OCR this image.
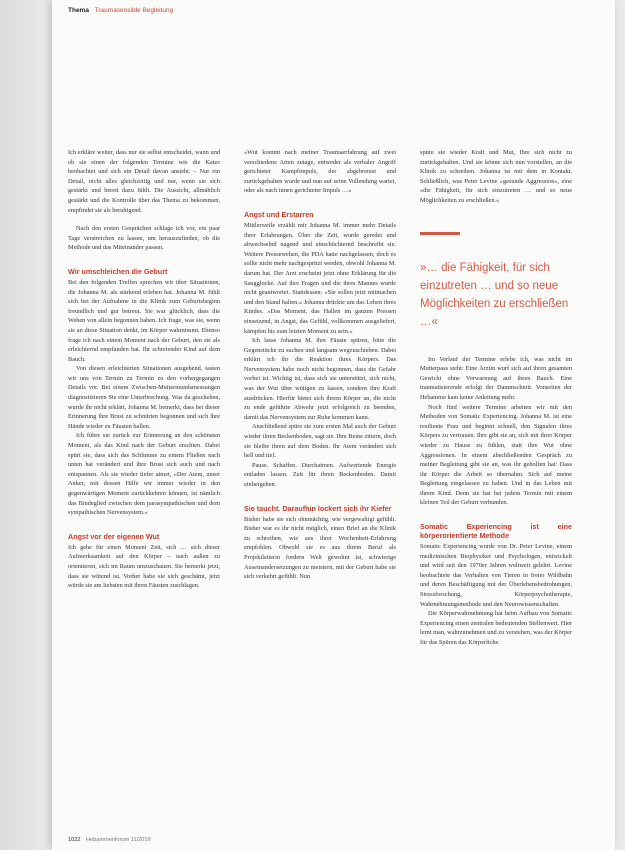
Thema Traumasensible Begleitung

Ich erkläre weiter, dass nur sie selbst entscheidet, wann und ob sie einen der folgenden Termine wie die Katze beobachtet und sich ein Detail davon ansieht. – Nur ein Detail, nicht alles gleichzeitig und nur, wenn sie sich gestärkt und bereit dazu fühlt. Die Aussicht, allmählich gestärkt und die Kontrolle über das Thema zu bekommen, empfindet sie als beruhigend.

Nach den ersten Gesprächen schlage ich vor, ein paar Tage verstreichen zu lassen, um herauszufinden, ob die Methode und das Miteinander passen.

Wir umschleichen die Geburt

Bei den folgenden Treffen sprechen wir über Situationen, die Johanna M. als stärkend erleben hat. Johanna M. fühlt sich bei der Aufnahme in die Klinik zum Geburtsbeginn freundlich und gut betreut. Sie war glücklich, dass die Wehen von allein begonnen haben. Ich frage, was sie, wenn sie an diese Situation denkt, im Körper wahrnimmt. Ebenso frage ich nach einem Moment nach der Geburt, den sie als erleichternd empfunden hat. Ihr schreiender Kind auf dem Bauch.

Von diesen erleichterten Situationen ausgehend, tasten wir uns von Termin zu Termin zu den vorhergegangen Details vor. Bei einem Zwischen-Muttermundsmessungen diagnostizieren Sie eine Unterbrechung. Was da geschehen, wurde ihr nicht erklärt, Johanna M. bemerkt, dass bei dieser Erinnerung ihre Brust zu schnürten begonnen und sich ihre Hände wieder zu Fäusten ballen.

Ich führe sie zurück zur Erinnerung an den schönsten Moment, als das Kind nach der Geburt erschien. Dabei spürt sie, dass sich das Schlimme zu einem Fließen nach unten hat verändert und ihre Brust sich auch und nach entspannen. Als sie wieder tiefer atmet, »Der Atem, unser Anker, mit dessen Hilfe wir immer wieder in den gegenwärtigen Moment zurückkehren können, ist nämlich das Bindeglied zwischen dem parasympathischen und dem sympathischen Nervensystem.«

Angst vor der eigenen Wut

Ich gehe für einen Moment Zeit, sich … sich dieser Aufmerksamkeit auf den Körper – nach außen zu orientieren, sich im Raum umzuschauen. Sie bemerkt jetzt, dass sie wütend ist. Vorher habe sie sich geschämt, jetzt würde sie am liebsten mit ihren Fäusten zuschlagen.

»Wut kommt nach meiner Traumaerfahrung auf zwei verschiedene Arten zutage, entweder als verbaler Angriff gerichteter Kampfimpuls, der abgebremst und zurückgehalten wurde und nun auf seine Vollendung wartet, oder als nach innen gerichteter Impuls …«

Angst und Erstarren

Mittlerweile erzählt mir Johanna M. immer mehr Details ihrer Erfahrungen. Über die Zeit, wurde geredet und abwechselnd nagend und einschüchternd beschreibt sie. Weitere Pressewehen, die PDA hatte nachgelassen, doch es sollte nicht mehr nachgespritzt werden, obwohl Johanna M. darum bat. Der Arzt erscheint jetzt ohne Erklärung für die Saugglocke. Auf ihre Fragen und die ihres Mannes wurde nicht geantwortet. Stattdessen: »Sie sollen jetzt mitmachen und den Stand halten.« Johanna drückte um das Leben ihres Kindes. »Das Moment, das Hallen im ganzen Pressen einsetzend, in Angst, das Gefühl, vollkommen ausgeliefert, kämpfen bis zum letzten Moment zu sein.«

Ich lasse Johanna M. ihre Fäuste spüren, bitte die Gegenstücke zu suchen und langsam wegzuschieben. Dabei erklärt ich ihr die Reaktion ihres Körpers. Das Nervensystem habe noch nicht begonnen, dass die Gefahr vorbei ist. Wichtig ist, dass sich sie unterstützt, sich nicht, was der Wut über wütigen zu lassen, sondern ihre Kraft ausdrücken. Hierfür bietet sich ihrem Körper an, die nicht zu ende geführte Abwehr jetzt erfolgreich zu beenden, damit das Nervensystem zur Ruhe kommen kann.

Anschließend spüre sie zum ersten Mal auch der Geburt wieder ihren Beckenboden, sagt sie. Ihre Beine zittern, doch sie bleibe ihren auf dem Boden. Ihr Atem verändert sich hell und tief.

Pause. Schaffen. Durchatmen. Aufwertende Energie entladen lassen. Zeit für ihren Beckenboden. Damit einhergehen.

Sie taucht. Daraufhin lockert sich ihr Kiefer

Bisher habe sie sich ohnmächtig, wie vergewaltigt gefühlt. Bisher war es ihr nicht möglich, einen Brief an die Klinik zu schreiben, wie aus ihrer Wochenbett-Erfahrung empfohlen. Obwohl sie es aus ihrem Beruf als Projektleiterin fordern Welt gewohnt ist, schwierige Auseinandersetzungen zu meistern, mit der Geburt habe sie sich verkehrt gefühlt. Nun

spüre sie wieder Kraft und Mut, Ihre sich nicht zu zurückgehalten. Und sie könne sich nun vorstellen, an die Klinik zu schreiben. Johanna ist mit dem in Kontakt. Schließlich, was Peter Levine »gesunde Aggression«, eine »die Fähigkeit, für sich einzutreten … und so neue Möglichkeiten zu erschließen.«

»… die Fähigkeit, für sich einzutreten … und so neue Möglichkeiten zu erschließen …«

Im Verlauf der Termine erlebe ich, was nicht im Mutterpass steht: Eine Ärztin wurf sich auf ihren gesamten Gewicht ohne Vorwarnung auf ihren Bauch. Eine traumatisierende erfolgt der Dammschnitt. Vonseiten der Hebamme kam keine Anleitung mehr.

Noch fünf weitere Termine arbeiten wir mit den Methoden von Somatic Experiencing. Johanna M. ist eine resiliente Frau und beginnt schnell, den Signalen ihres Körpers zu vertrauen. Ihre gibt sie an, sich mit ihrer Körper wieder zu Hause zu fühlen, statt ihre Wut ohne Aggressionen. In einem abschließenden Gespräch zu meiner Begleitung gibt sie an, was ihr geholfen hat: Dass ihr Körper die Arbeit so übernahm. Sich auf meine Begleitung eingelassen zu haben. Und in das Leben mit ihrem Kind. Denn sie hat bei jedem Termin mit einem kleinen Teil der Geburt verbunden.

Somatic Experiencing ist eine körperorientierte Methode

Somatic Experiencing wurde von Dr. Peter Levine, einem medizinischen Biophysiker und Psychologen, entwickelt und wird seit den 1970er Jahren weltweit gelehrt. Levine beobachtete das Verhalten von Tieren in freier Wildbahn und deren Beschäftigung mit der Überlebensbedrohungen, Stressforschung, Körperpsychotherapie, Wahrnehmungsmethode und den Neurowissenschaften.

Die Körperwahrnehmung hat beim Aufbau von Somatic Experiencing einen zentralen bedeutenden Stellenwert. Hier lernt man, wahrzunehmen und zu verstehen, was der Körper für das Spüren das Körperliche.

1022 Hebammenforum 11/2019
